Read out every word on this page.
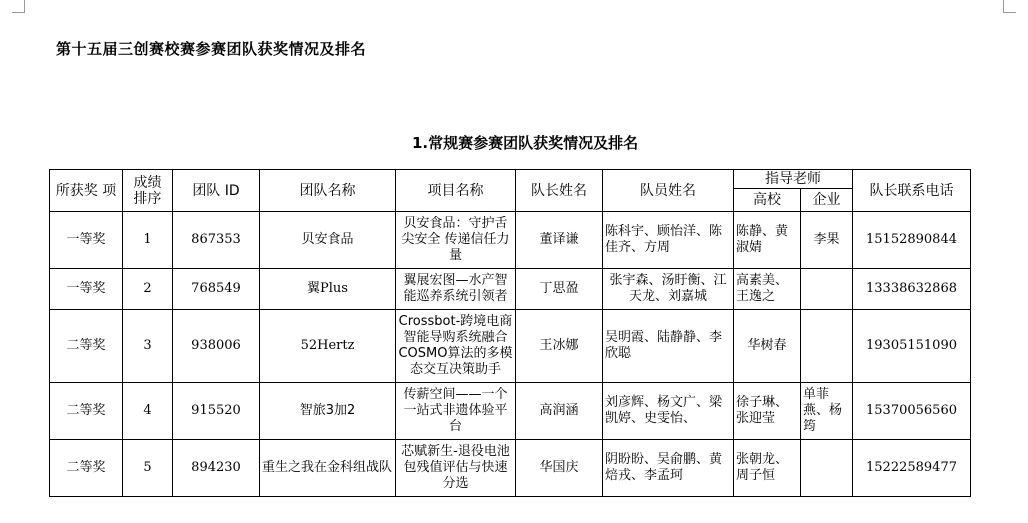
第十五届三创赛校赛参赛团队获奖情况及排名
1.常规赛参赛团队获奖情况及排名
所获奖 项	成绩 排序	团队 ID	团队名称	项目名称	队长姓名	队员姓名	指导老师		队长联系电话
							高校	企业	
一等奖	1	867353	贝安食品	贝安食品：守护舌尖安全 传递信任力量	董译谦	陈科宇、顾怡洋、陈佳齐、方周	陈静、黄淑婧	李果	15152890844
一等奖	2	768549	翼Plus	翼展宏图—水产智能巡养系统引领者	丁思盈	张宇森、汤盱衡、江天龙、刘嘉城	高素美、王逸之		13338632868
二等奖	3	938006	52Hertz	Crossbot-跨境电商智能导购系统融合COSMO算法的多模态交互决策助手	王冰娜	吴明霞、陆静静、李欣聪	华树春		19305151090
二等奖	4	915520	智旅3加2	传薪空间——一个一站式非遗体验平台	高润涵	刘彦辉、杨文广、梁凯婷、史雯怡、	徐子琳、张迎莹	单菲燕、杨筠	15370056560
二等奖	5	894230	重生之我在金科组战队	芯赋新生-退役电池包残值评估与快速分选	华国庆	阴盼盼、吴俞鹏、黄焙戎、李孟珂	张朝龙、周子恒		15222589477
